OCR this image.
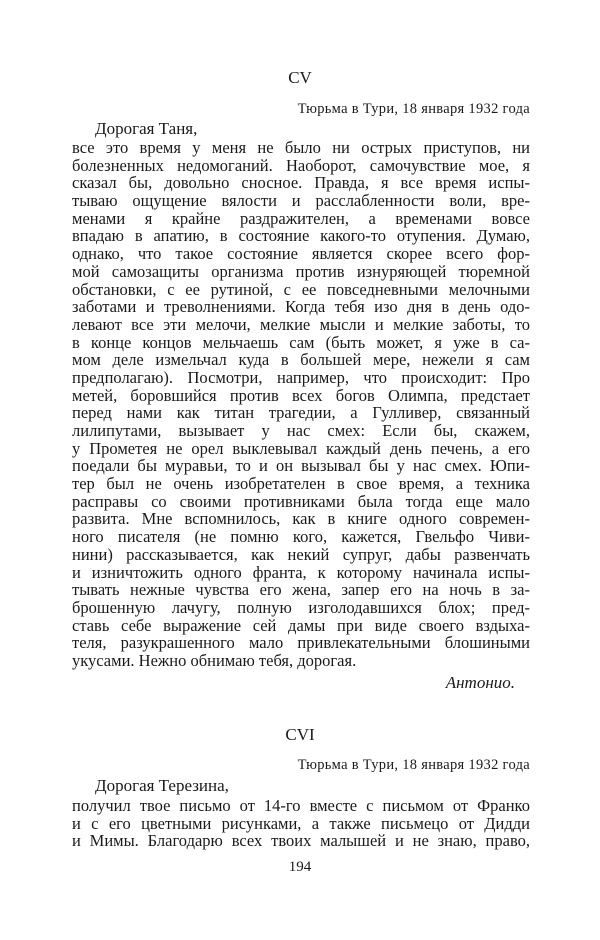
CV
Тюрьма в Тури, 18 января 1932 года
Дорогая Таня,
все это время у меня не было ни острых приступов, ни
болезненных недомоганий. Наоборот, самочувствие мое, я
сказал бы, довольно сносное. Правда, я все время испы-
тываю ощущение вялости и расслабленности воли, вре-
менами я крайне раздражителен, а временами вовсе
впадаю в апатию, в состояние какого-то отупения. Думаю,
однако, что такое состояние является скорее всего фор-
мой самозащиты организма против изнуряющей тюремной
обстановки, с ее рутиной, с ее повседневными мелочными
заботами и треволнениями. Когда тебя изо дня в день одо-
левают все эти мелочи, мелкие мысли и мелкие заботы, то
в конце концов мельчаешь сам (быть может, я уже в са-
мом деле измельчал куда в большей мере, нежели я сам
предполагаю). Посмотри, например, что происходит: Про
метей, боровшийся против всех богов Олимпа, предстает
перед нами как титан трагедии, а Гулливер, связанный
лилипутами, вызывает у нас смех: Если бы, скажем,
у Прометея не орел выклевывал каждый день печень, а его
поедали бы муравьи, то и он вызывал бы у нас смех. Юпи-
тер был не очень изобретателен в свое время, а техника
расправы со своими противниками была тогда еще мало
развита. Мне вспомнилось, как в книге одного современ-
ного писателя (не помню кого, кажется, Гвельфо Чиви-
нини) рассказывается, как некий супруг, дабы развенчать
и изничтожить одного франта, к которому начинала испы-
тывать нежные чувства его жена, запер его на ночь в за-
брошенную лачугу, полную изголодавшихся блох; пред-
ставь себе выражение сей дамы при виде своего вздыха-
теля, разукрашенного мало привлекательными блошиными
укусами. Нежно обнимаю тебя, дорогая.
Антонио.
CVI
Тюрьма в Тури, 18 января 1932 года
Дорогая Терезина,
получил твое письмо от 14-го вместе с письмом от Франко
и с его цветными рисунками, а также письмецо от Дидди
и Мимы. Благодарю всех твоих малышей и не знаю, право,
194
